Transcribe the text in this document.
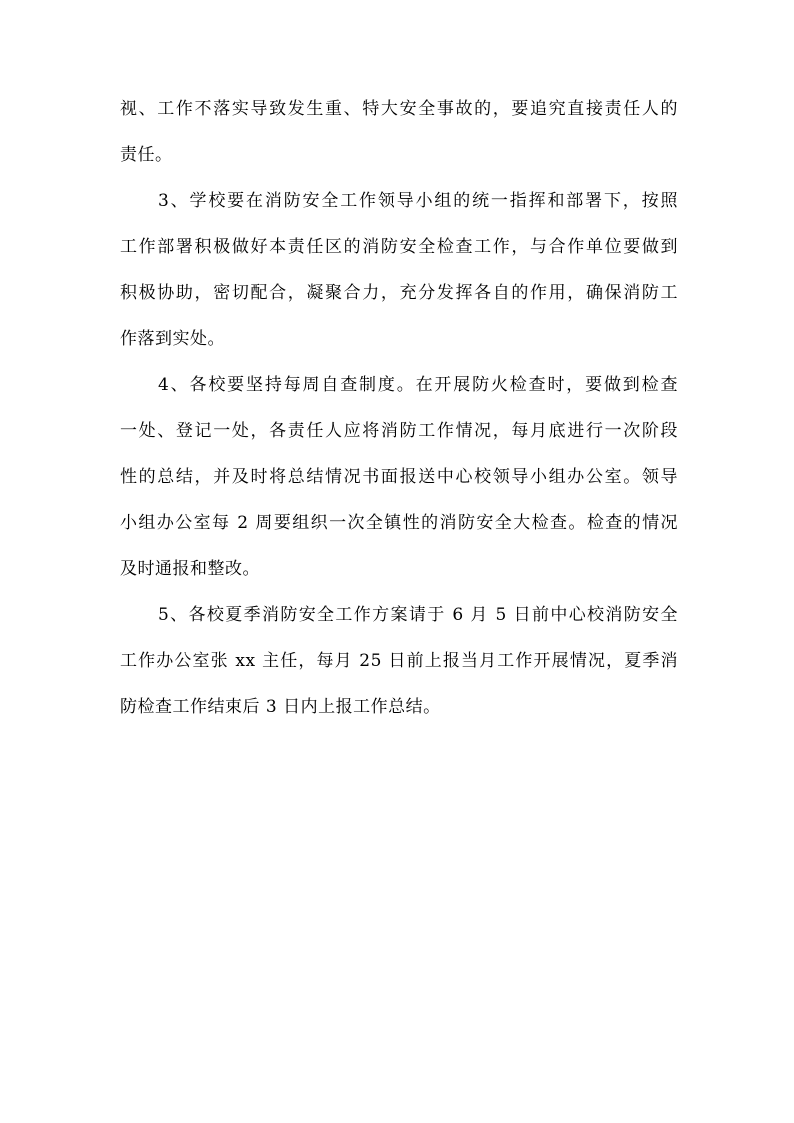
视、工作不落实导致发生重、特大安全事故的，要追究直接责任人的
责任。
3、学校要在消防安全工作领导小组的统一指挥和部署下，按照
工作部署积极做好本责任区的消防安全检查工作，与合作单位要做到
积极协助，密切配合，凝聚合力，充分发挥各自的作用，确保消防工
作落到实处。
4、各校要坚持每周自查制度。在开展防火检查时，要做到检查
一处、登记一处，各责任人应将消防工作情况，每月底进行一次阶段
性的总结，并及时将总结情况书面报送中心校领导小组办公室。领导
小组办公室每 2 周要组织一次全镇性的消防安全大检查。检查的情况
及时通报和整改。
5、各校夏季消防安全工作方案请于 6 月 5 日前中心校消防安全
工作办公室张 xx 主任，每月 25 日前上报当月工作开展情况，夏季消
防检查工作结束后 3 日内上报工作总结。
